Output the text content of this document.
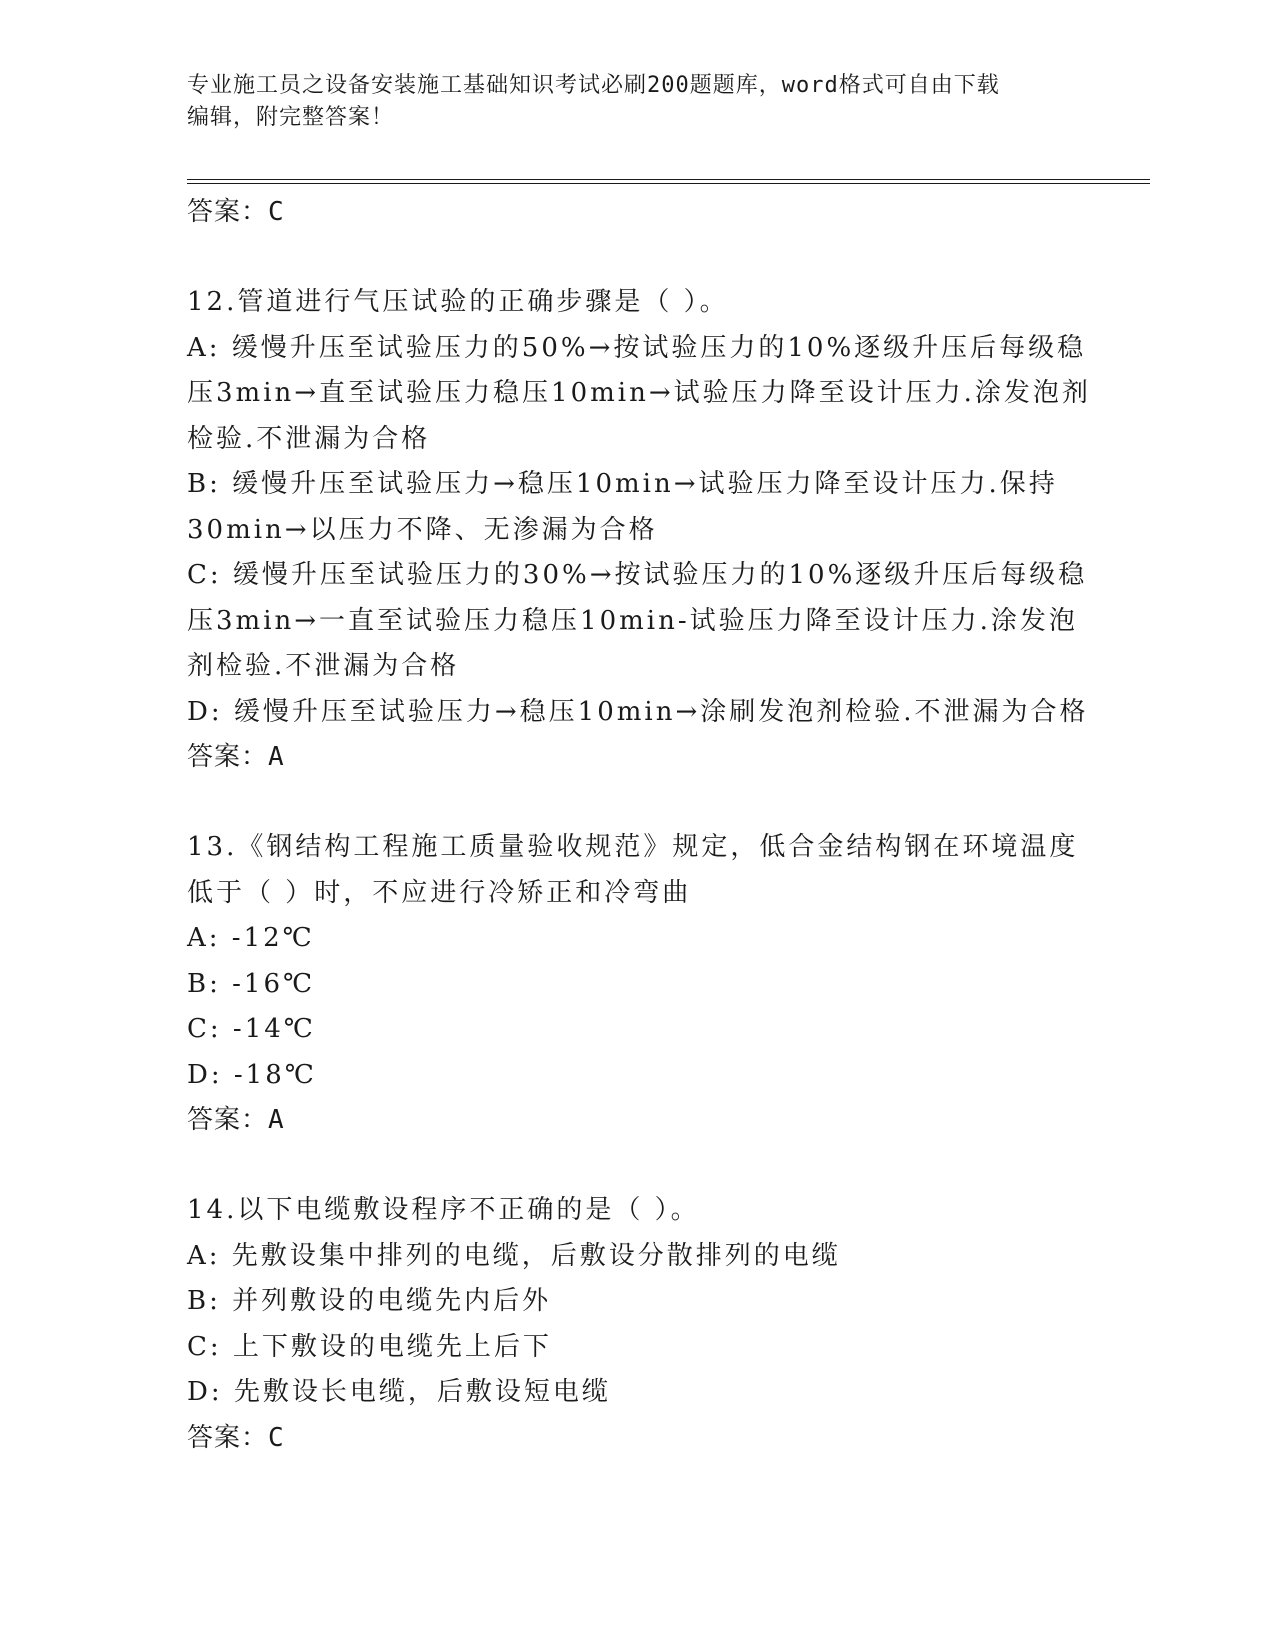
专业施工员之设备安装施工基础知识考试必刷200题题库，word格式可自由下载
编辑，附完整答案！
答案：C
12.管道进行气压试验的正确步骤是（ ）。
A: 缓慢升压至试验压力的50%→按试验压力的10%逐级升压后每级稳
压3min→直至试验压力稳压10min→试验压力降至设计压力.涂发泡剂
检验.不泄漏为合格
B: 缓慢升压至试验压力→稳压10min→试验压力降至设计压力.保持
30min→以压力不降、无渗漏为合格
C: 缓慢升压至试验压力的30%→按试验压力的10%逐级升压后每级稳
压3min→一直至试验压力稳压10min-试验压力降至设计压力.涂发泡
剂检验.不泄漏为合格
D: 缓慢升压至试验压力→稳压10min→涂刷发泡剂检验.不泄漏为合格
答案：A
13.《钢结构工程施工质量验收规范》规定，低合金结构钢在环境温度
低于（ ）时，不应进行冷矫正和冷弯曲
A: -12℃
B: -16℃
C: -14℃
D: -18℃
答案：A
14.以下电缆敷设程序不正确的是（ ）。
A: 先敷设集中排列的电缆，后敷设分散排列的电缆
B: 并列敷设的电缆先内后外
C: 上下敷设的电缆先上后下
D: 先敷设长电缆，后敷设短电缆
答案：C
